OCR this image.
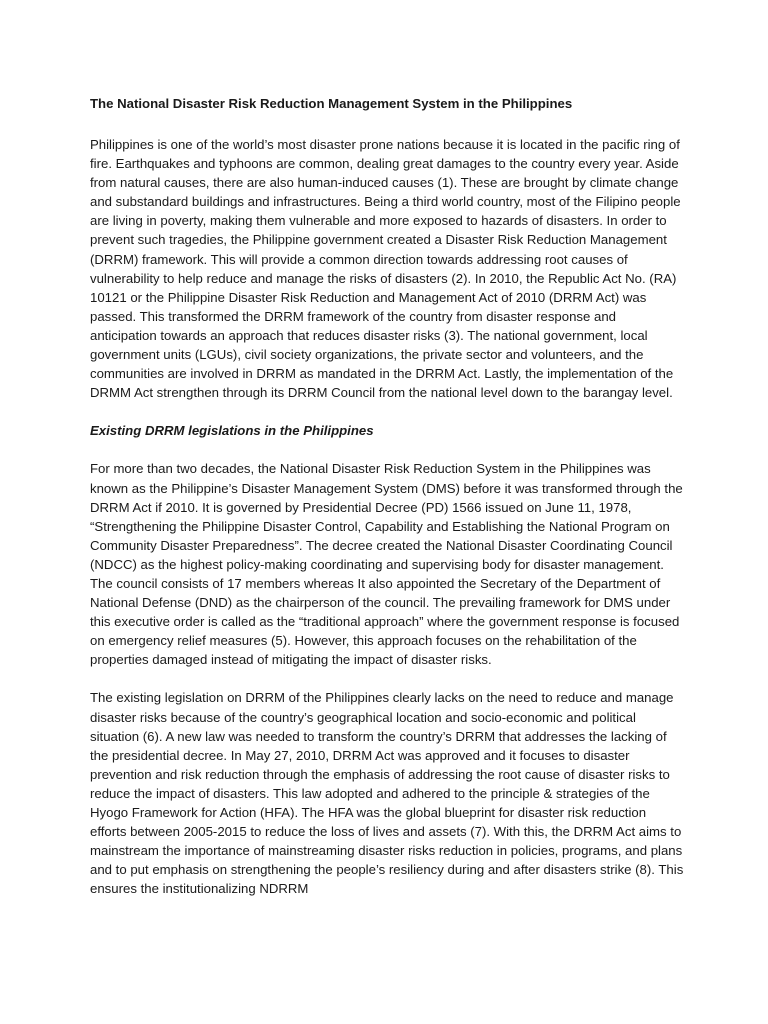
The National Disaster Risk Reduction Management System in the Philippines

Philippines is one of the world’s most disaster prone nations because it is located in the pacific ring of fire. Earthquakes and typhoons are common, dealing great damages to the country every year. Aside from natural causes, there are also human-induced causes (1). These are brought by climate change and substandard buildings and infrastructures. Being a third world country, most of the Filipino people are living in poverty, making them vulnerable and more exposed to hazards of disasters. In order to prevent such tragedies, the Philippine government created a Disaster Risk Reduction Management (DRRM) framework. This will provide a common direction towards addressing root causes of vulnerability to help reduce and manage the risks of disasters (2). In 2010, the Republic Act No. (RA) 10121 or the Philippine Disaster Risk Reduction and Management Act of 2010 (DRRM Act) was passed. This transformed the DRRM framework of the country from disaster response and anticipation towards an approach that reduces disaster risks (3). The national government, local government units (LGUs), civil society organizations, the private sector and volunteers, and the communities are involved in DRRM as mandated in the DRRM Act. Lastly, the implementation of the DRMM Act strengthen through its DRRM Council from the national level down to the barangay level.

Existing DRRM legislations in the Philippines

For more than two decades, the National Disaster Risk Reduction System in the Philippines was known as the Philippine’s Disaster Management System (DMS) before it was transformed through the DRRM Act if 2010. It is governed by Presidential Decree (PD) 1566 issued on June 11, 1978, “Strengthening the Philippine Disaster Control, Capability and Establishing the National Program on Community Disaster Preparedness”. The decree created the National Disaster Coordinating Council (NDCC) as the highest policy-making coordinating and supervising body for disaster management. The council consists of 17 members whereas It also appointed the Secretary of the Department of National Defense (DND) as the chairperson of the council. The prevailing framework for DMS under this executive order is called as the “traditional approach” where the government response is focused on emergency relief measures (5). However, this approach focuses on the rehabilitation of the properties damaged instead of mitigating the impact of disaster risks.

The existing legislation on DRRM of the Philippines clearly lacks on the need to reduce and manage disaster risks because of the country’s geographical location and socio-economic and political situation (6). A new law was needed to transform the country’s DRRM that addresses the lacking of the presidential decree. In May 27, 2010, DRRM Act was approved and it focuses to disaster prevention and risk reduction through the emphasis of addressing the root cause of disaster risks to reduce the impact of disasters. This law adopted and adhered to the principle & strategies of the Hyogo Framework for Action (HFA). The HFA was the global blueprint for disaster risk reduction efforts between 2005-2015 to reduce the loss of lives and assets (7). With this, the DRRM Act aims to mainstream the importance of mainstreaming disaster risks reduction in policies, programs, and plans and to put emphasis on strengthening the people’s resiliency during and after disasters strike (8). This ensures the institutionalizing NDRRM
